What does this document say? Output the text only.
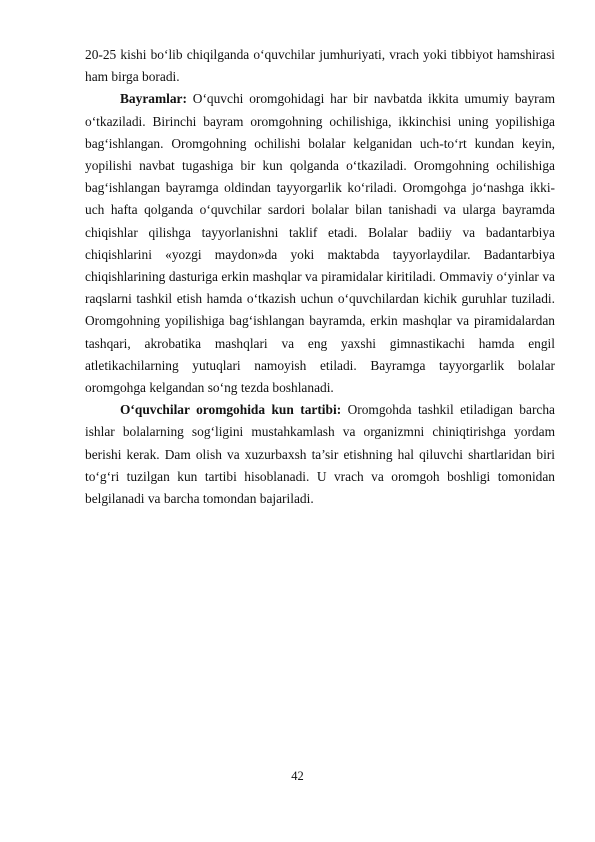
20-25 kishi bo‘lib chiqilganda o‘quvchilar jumhuriyati, vrach yoki tibbiyot hamshirasi ham birga boradi.

Bayramlar: O‘quvchi oromgohidagi har bir navbatda ikkita umumiy bayram o‘tkaziladi. Birinchi bayram oromgohning ochilishiga, ikkinchisi uning yopilishiga bag‘ishlangan. Oromgohning ochilishi bolalar kelganidan uch-to‘rt kundan keyin, yopilishi navbat tugashiga bir kun qolganda o‘tkaziladi. Oromgohning ochilishiga bag‘ishlangan bayramga oldindan tayyorgarlik ko‘riladi. Oromgohga jo‘nashga ikki-uch hafta qolganda o‘quvchilar sardori bolalar bilan tanishadi va ularga bayramda chiqishlar qilishga tayyorlanishni taklif etadi. Bolalar badiiy va badantarbiya chiqishlarini «yozgi maydon»da yoki maktabda tayyorlaydilar. Badantarbiya chiqishlarining dasturiga erkin mashqlar va piramidalar kiritiladi. Ommaviy o‘yinlar va raqslarni tashkil etish hamda o‘tkazish uchun o‘quvchilardan kichik guruhlar tuziladi. Oromgohning yopilishiga bag‘ishlangan bayramda, erkin mashqlar va piramidalardan tashqari, akrobatika mashqlari va eng yaxshi gimnastikachi hamda engil atletikachilarning yutuqlari namoyish etiladi. Bayramga tayyorgarlik bolalar oromgohga kelgandan so‘ng tezda boshlanadi.

O‘quvchilar oromgohida kun tartibi: Oromgohda tashkil etiladigan barcha ishlar bolalarning sog‘ligini mustahkamlash va organizmni chiniqtirishga yordam berishi kerak. Dam olish va xuzurbaxsh ta’sir etishning hal qiluvchi shartlaridan biri to‘g‘ri tuzilgan kun tartibi hisoblanadi. U vrach va oromgoh boshligi tomonidan belgilanadi va barcha tomondan bajariladi.

42
